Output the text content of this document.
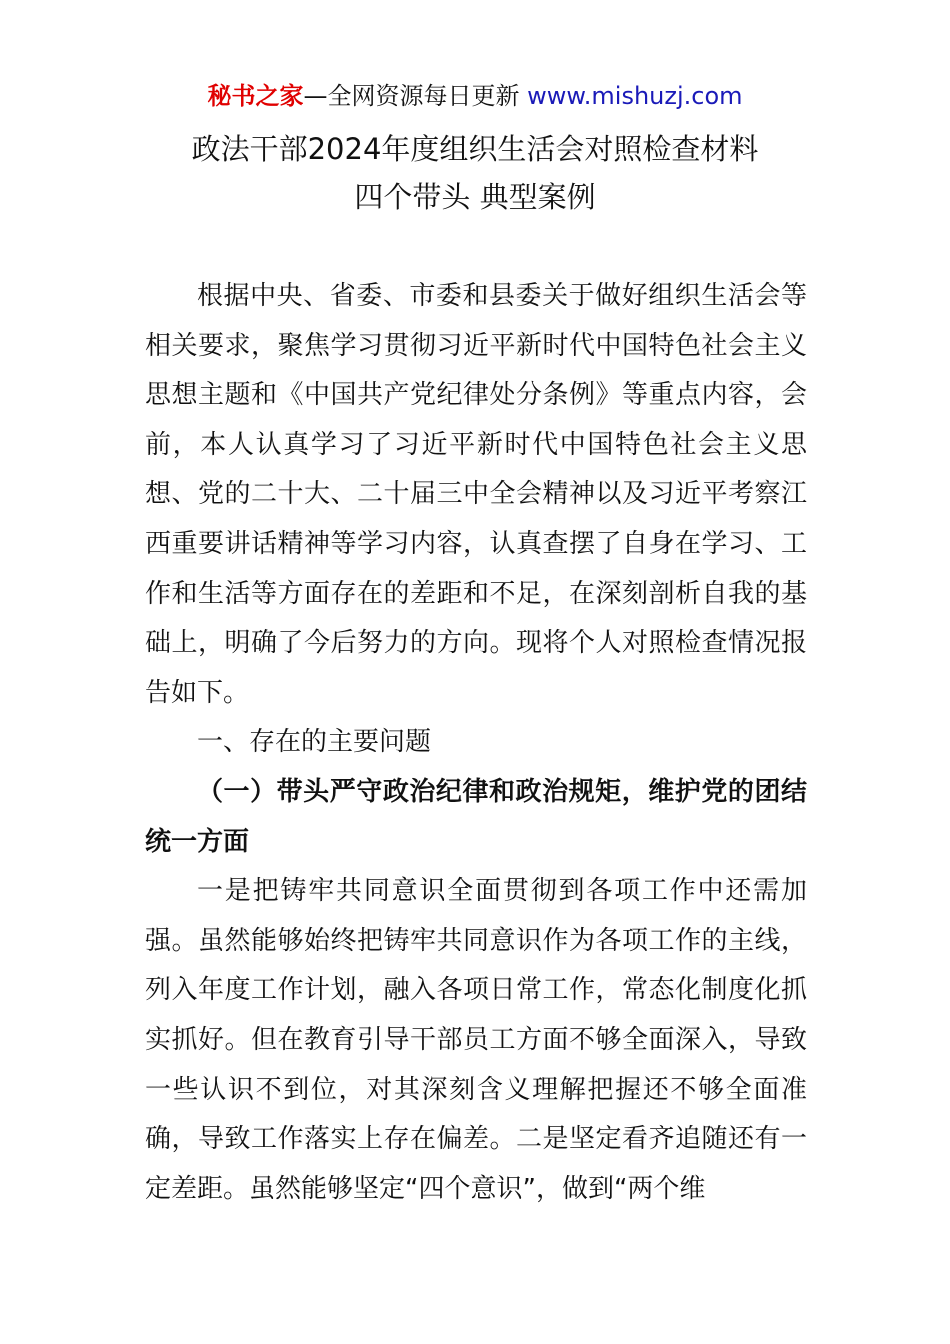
秘书之家—全网资源每日更新 www.mishuzj.com
政法干部2024年度组织生活会对照检查材料
四个带头 典型案例

根据中央、省委、市委和县委关于做好组织生活会等相关要求，聚焦学习贯彻习近平新时代中国特色社会主义思想主题和《中国共产党纪律处分条例》等重点内容，会前，本人认真学习了习近平新时代中国特色社会主义思想、党的二十大、二十届三中全会精神以及习近平考察江西重要讲话精神等学习内容，认真查摆了自身在学习、工作和生活等方面存在的差距和不足，在深刻剖析自我的基础上，明确了今后努力的方向。现将个人对照检查情况报告如下。

一、存在的主要问题

（一）带头严守政治纪律和政治规矩，维护党的团结统一方面

一是把铸牢共同意识全面贯彻到各项工作中还需加强。虽然能够始终把铸牢共同意识作为各项工作的主线，列入年度工作计划，融入各项日常工作，常态化制度化抓实抓好。但在教育引导干部员工方面不够全面深入，导致一些认识不到位，对其深刻含义理解把握还不够全面准确，导致工作落实上存在偏差。二是坚定看齐追随还有一定差距。虽然能够坚定“四个意识”，做到“两个维
